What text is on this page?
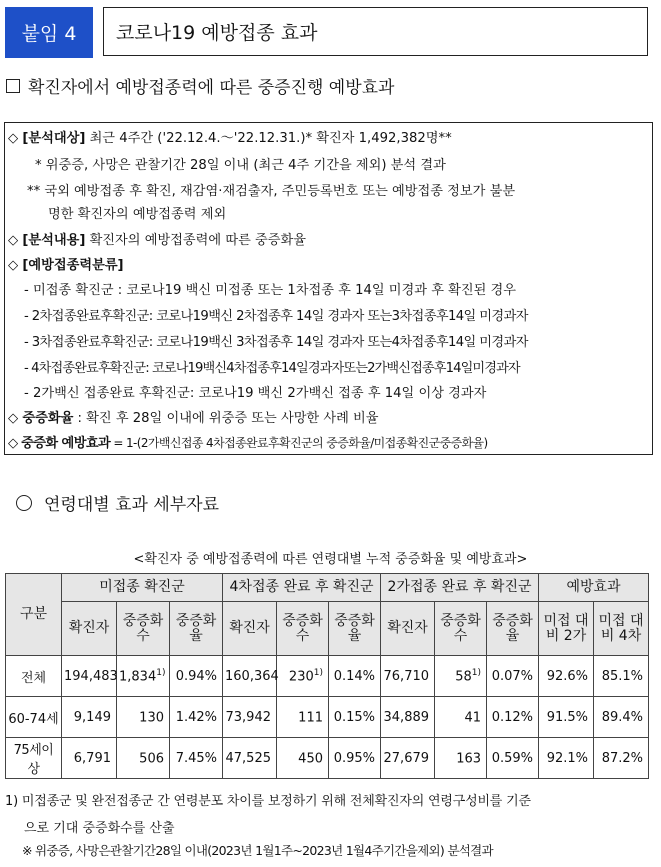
붙임 4	코로나19 예방접종 효과
확진자에서 예방접종력에 따른 중증진행 예방효과
◇ [분석대상] 최근 4주간 ('22.12.4.～'22.12.31.)* 확진자 1,492,382명**
* 위중증, 사망은 관찰기간 28일 이내 (최근 4주 기간을 제외) 분석 결과
** 국외 예방접종 후 확진, 재감염·재검출자, 주민등록번호 또는 예방접종 정보가 불분
명한 확진자의 예방접종력 제외
◇ [분석내용] 확진자의 예방접종력에 따른 중증화율
◇ [예방접종력분류]
- 미접종 확진군 : 코로나19 백신 미접종 또는 1차접종 후 14일 미경과 후 확진된 경우
- 2차접종완료후확진군: 코로나19백신 2차접종후 14일 경과자 또는3차접종후14일 미경과자
- 3차접종완료후확진군: 코로나19백신 3차접종후 14일 경과자 또는4차접종후14일 미경과자
- 4차접종완료후확진군: 코로나19백신4차접종후14일경과자또는2가백신접종후14일미경과자
- 2가백신 접종완료 후확진군: 코로나19 백신 2가백신 접종 후 14일 이상 경과자
◇ 중증화율 : 확진 후 28일 이내에 위중증 또는 사망한 사례 비율
◇ 중증화 예방효과 = 1-(2가백신접종 4차접종완료후확진군의 중증화율/미접종확진군중증화율)
연령대별 효과 세부자료
<확진자 중 예방접종력에 따른 연령대별 누적 중증화율 및 예방효과>
구분	미접종 확진군			4차접종 완료 후 확진군			2가접종 완료 후 확진군			예방효과	
	확진자	중증화수	중증화율	확진자	중증화수	중증화율	확진자	중증화수	중증화율	미접 대비 2가	미접 대비 4차
전체	194,483	1,834$^{1)}$	0.94%	160,364	230$^{1)}$	0.14%	76,710	58$^{1)}$	0.07%	92.6%	85.1%
60-74세	9,149	130	1.42%	73,942	111	0.15%	34,889	41	0.12%	91.5%	89.4%
75세이상	6,791	506	7.45%	47,525	450	0.95%	27,679	163	0.59%	92.1%	87.2%
1) 미접종군 및 완전접종군 간 연령분포 차이를 보정하기 위해 전체확진자의 연령구성비를 기준
으로 기대 중증화수를 산출
※ 위중증, 사망은관찰기간28일 이내(2023년 1월1주~2023년 1월4주기간을제외) 분석결과
